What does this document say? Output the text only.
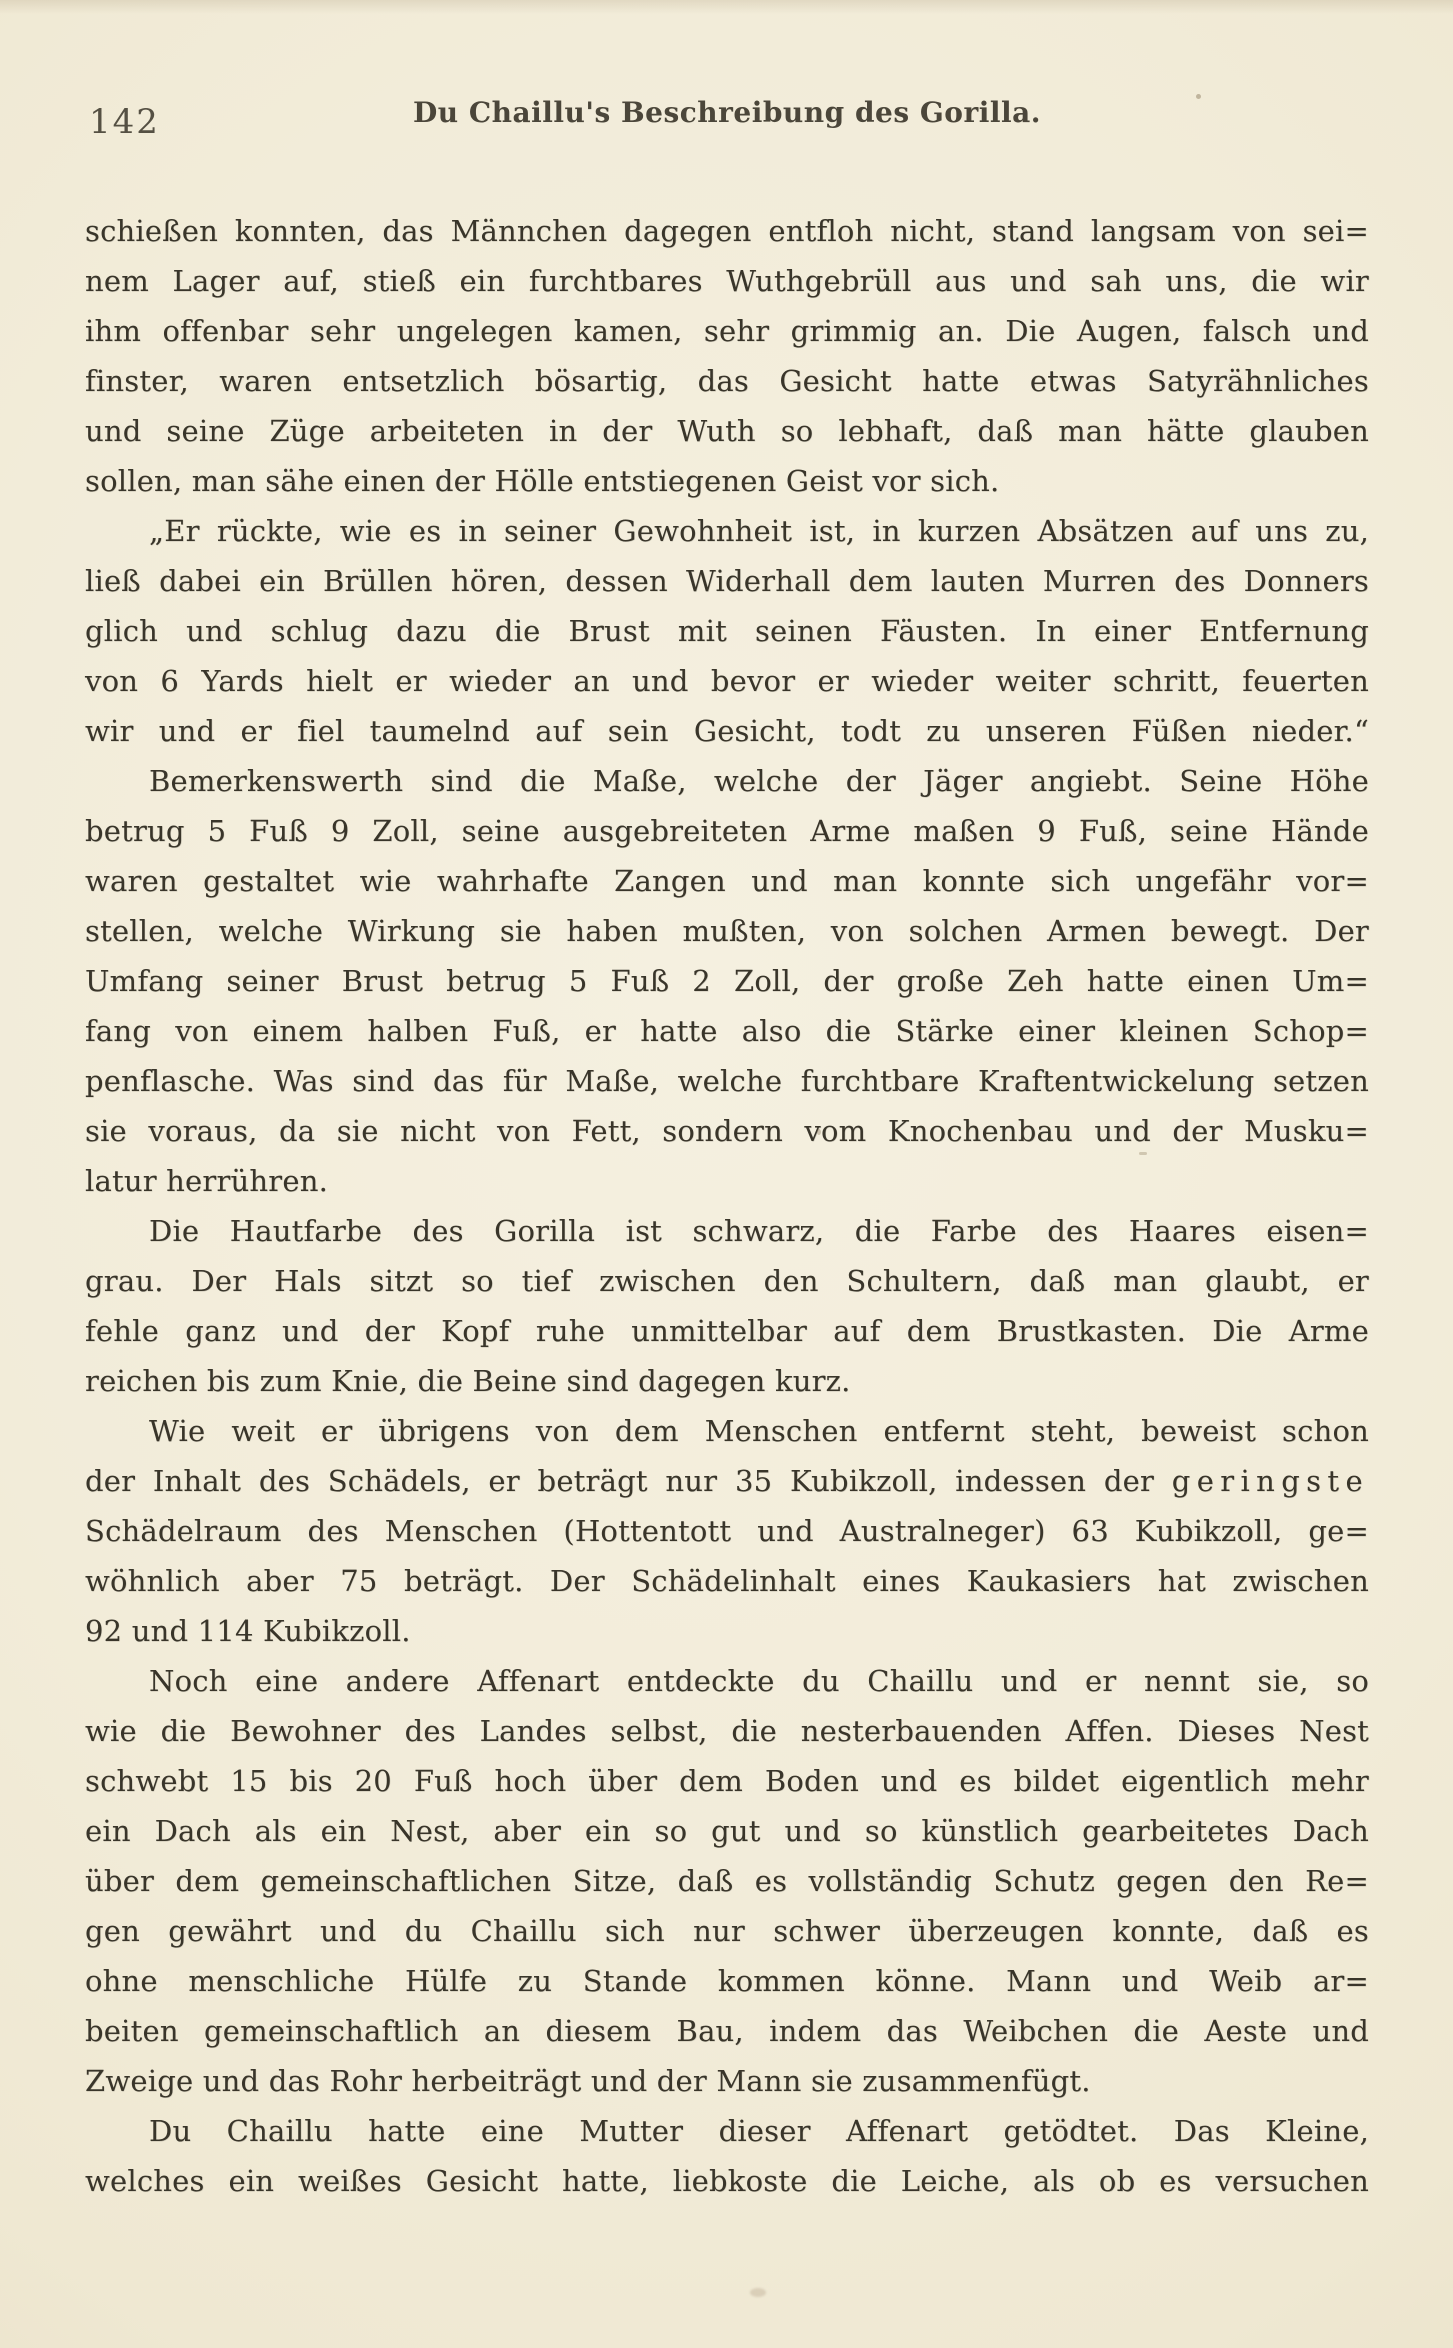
142	Du Chaillu's Beschreibung des Gorilla.
schießen konnten, das Männchen dagegen entfloh nicht, stand langsam von sei=
nem Lager auf, stieß ein furchtbares Wuthgebrüll aus und sah uns, die wir
ihm offenbar sehr ungelegen kamen, sehr grimmig an. Die Augen, falsch und
finster, waren entsetzlich bösartig, das Gesicht hatte etwas Satyrähnliches
und seine Züge arbeiteten in der Wuth so lebhaft, daß man hätte glauben
sollen, man sähe einen der Hölle entstiegenen Geist vor sich.
„Er rückte, wie es in seiner Gewohnheit ist, in kurzen Absätzen auf uns zu,
ließ dabei ein Brüllen hören, dessen Widerhall dem lauten Murren des Donners
glich und schlug dazu die Brust mit seinen Fäusten. In einer Entfernung
von 6 Yards hielt er wieder an und bevor er wieder weiter schritt, feuerten
wir und er fiel taumelnd auf sein Gesicht, todt zu unseren Füßen nieder.“
Bemerkenswerth sind die Maße, welche der Jäger angiebt. Seine Höhe
betrug 5 Fuß 9 Zoll, seine ausgebreiteten Arme maßen 9 Fuß, seine Hände
waren gestaltet wie wahrhafte Zangen und man konnte sich ungefähr vor=
stellen, welche Wirkung sie haben mußten, von solchen Armen bewegt. Der
Umfang seiner Brust betrug 5 Fuß 2 Zoll, der große Zeh hatte einen Um=
fang von einem halben Fuß, er hatte also die Stärke einer kleinen Schop=
penflasche. Was sind das für Maße, welche furchtbare Kraftentwickelung setzen
sie voraus, da sie nicht von Fett, sondern vom Knochenbau und der Musku=
latur herrühren.
Die Hautfarbe des Gorilla ist schwarz, die Farbe des Haares eisen=
grau. Der Hals sitzt so tief zwischen den Schultern, daß man glaubt, er
fehle ganz und der Kopf ruhe unmittelbar auf dem Brustkasten. Die Arme
reichen bis zum Knie, die Beine sind dagegen kurz.
Wie weit er übrigens von dem Menschen entfernt steht, beweist schon
der Inhalt des Schädels, er beträgt nur 35 Kubikzoll, indessen der geringste
Schädelraum des Menschen (Hottentott und Australneger) 63 Kubikzoll, ge=
wöhnlich aber 75 beträgt. Der Schädelinhalt eines Kaukasiers hat zwischen
92 und 114 Kubikzoll.
Noch eine andere Affenart entdeckte du Chaillu und er nennt sie, so
wie die Bewohner des Landes selbst, die nesterbauenden Affen. Dieses Nest
schwebt 15 bis 20 Fuß hoch über dem Boden und es bildet eigentlich mehr
ein Dach als ein Nest, aber ein so gut und so künstlich gearbeitetes Dach
über dem gemeinschaftlichen Sitze, daß es vollständig Schutz gegen den Re=
gen gewährt und du Chaillu sich nur schwer überzeugen konnte, daß es
ohne menschliche Hülfe zu Stande kommen könne. Mann und Weib ar=
beiten gemeinschaftlich an diesem Bau, indem das Weibchen die Aeste und
Zweige und das Rohr herbeiträgt und der Mann sie zusammenfügt.
Du Chaillu hatte eine Mutter dieser Affenart getödtet. Das Kleine,
welches ein weißes Gesicht hatte, liebkoste die Leiche, als ob es versuchen
